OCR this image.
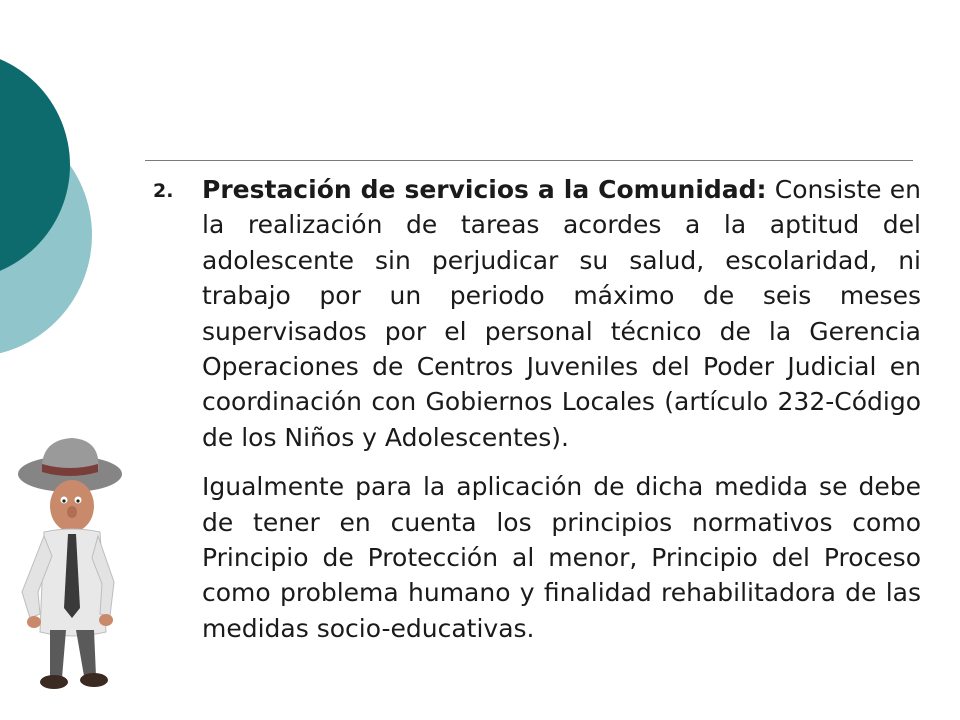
2. Prestación de servicios a la Comunidad: Consiste en la realización de tareas acordes a la aptitud del adolescente sin perjudicar su salud, escolaridad, ni trabajo por un periodo máximo de seis meses supervisados por el personal técnico de la Gerencia Operaciones de Centros Juveniles del Poder Judicial en coordinación con Gobiernos Locales (artículo 232-Código de los Niños y Adolescentes).

Igualmente para la aplicación de dicha medida se debe de tener en cuenta los principios normativos como Principio de Protección al menor, Principio del Proceso como problema humano y finalidad rehabilitadora de las medidas socio-educativas.
